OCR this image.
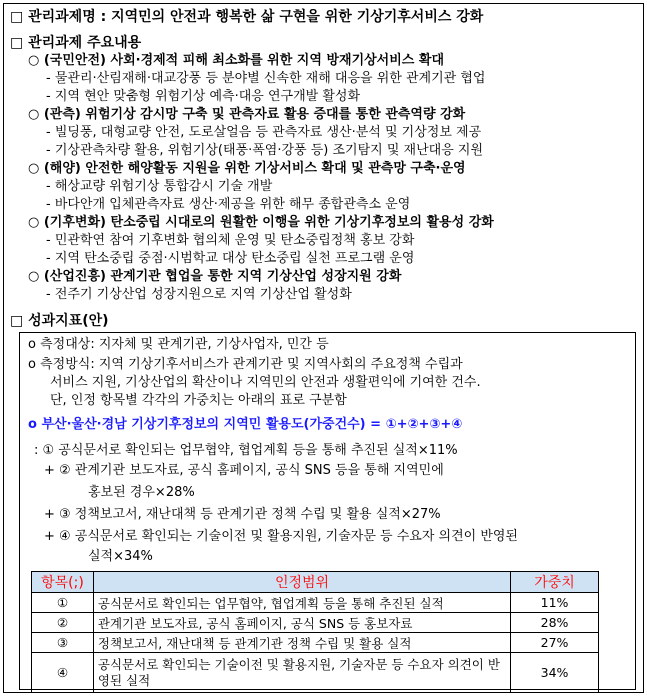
□ 관리과제명 : 지역민의 안전과 행복한 삶 구현을 위한 기상기후서비스 강화
□ 관리과제 주요내용
○ (국민안전) 사회·경제적 피해 최소화를 위한 지역 방재기상서비스 확대
- 물관리·산림재해·대교강풍 등 분야별 신속한 재해 대응을 위한 관계기관 협업
- 지역 현안 맞춤형 위험기상 예측·대응 연구개발 활성화
○ (관측) 위험기상 감시망 구축 및 관측자료 활용 증대를 통한 관측역량 강화
- 빌딩풍, 대형교량 안전, 도로살얼음 등 관측자료 생산·분석 및 기상정보 제공
- 기상관측차량 활용, 위험기상(태풍·폭염·강풍 등) 조기탐지 및 재난대응 지원
○ (해양) 안전한 해양활동 지원을 위한 기상서비스 확대 및 관측망 구축·운영
- 해상교량 위험기상 통합감시 기술 개발
- 바다안개 입체관측자료 생산·제공을 위한 해무 종합관측소 운영
○ (기후변화) 탄소중립 시대로의 원활한 이행을 위한 기상기후정보의 활용성 강화
- 민관학연 참여 기후변화 협의체 운영 및 탄소중립정책 홍보 강화
- 지역 탄소중립 중점·시범학교 대상 탄소중립 실천 프로그램 운영
○ (산업진흥) 관계기관 협업을 통한 지역 기상산업 성장지원 강화
- 전주기 기상산업 성장지원으로 지역 기상산업 활성화
□ 성과지표(안)
o 측정대상: 지자체 및 관계기관, 기상사업자, 민간 등
o 측정방식: 지역 기상기후서비스가 관계기관 및 지역사회의 주요정책 수립과
서비스 지원, 기상산업의 확산이나 지역민의 안전과 생활편익에 기여한 건수.
단, 인정 항목별 각각의 가중치는 아래의 표로 구분함
o 부산·울산·경남 기상기후정보의 지역민 활용도(가중건수) = ①+②+③+④
: ① 공식문서로 확인되는 업무협약, 협업계획 등을 통해 추진된 실적×11%
+ ② 관계기관 보도자료, 공식 홈페이지, 공식 SNS 등을 통해 지역민에
홍보된 경우×28%
+ ③ 정책보고서, 재난대책 등 관계기관 정책 수립 및 활용 실적×27%
+ ④ 공식문서로 확인되는 기술이전 및 활용지원, 기술자문 등 수요자 의견이 반영된
실적×34%
항목(;)	인정범위	가중치
①	공식문서로 확인되는 업무협약, 협업계획 등을 통해 추진된 실적	11%
②	관계기관 보도자료, 공식 홈페이지, 공식 SNS 등 홍보자료	28%
③	정책보고서, 재난대책 등 관계기관 정책 수립 및 활용 실적	27%
④	공식문서로 확인되는 기술이전 및 활용지원, 기술자문 등 수요자 의견이 반영된 실적	34%
